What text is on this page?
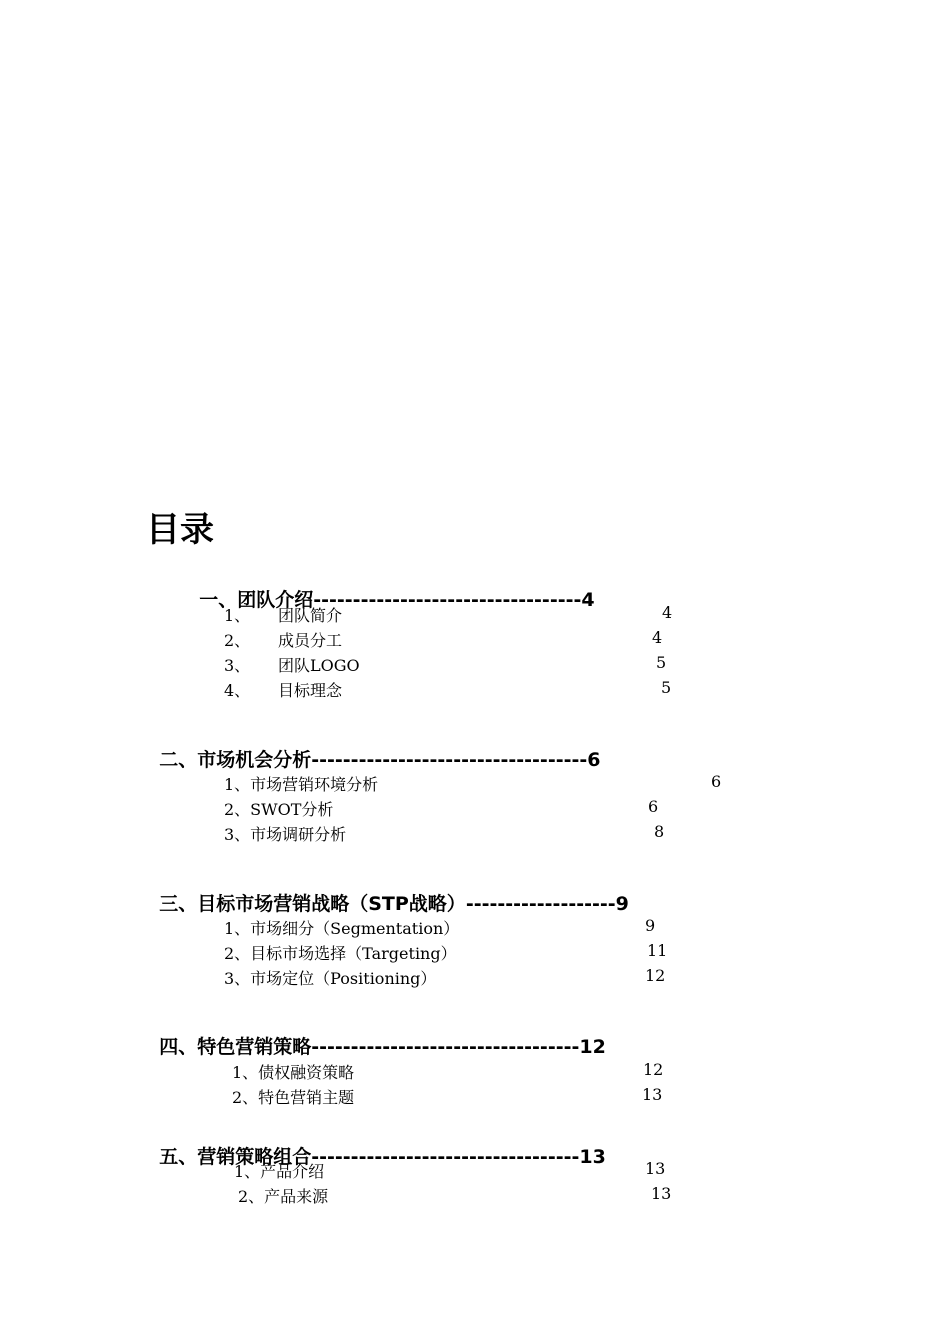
目录

一、团队介绍----------------------------------4

1、 团队简介	4
2、 成员分工	4
3、 团队LOGO	5
4、 目标理念	5

二、市场机会分析-----------------------------------6

1、市场营销环境分析	6
2、SWOT分析	6
3、市场调研分析	8

三、目标市场营销战略（STP战略）-------------------9

1、市场细分（Segmentation）	9
2、目标市场选择（Targeting）	11
3、市场定位（Positioning）	12

四、特色营销策略----------------------------------12

1、债权融资策略	12
2、特色营销主题	13

五、营销策略组合----------------------------------13

1、产品介绍	13
2、产品来源	13
